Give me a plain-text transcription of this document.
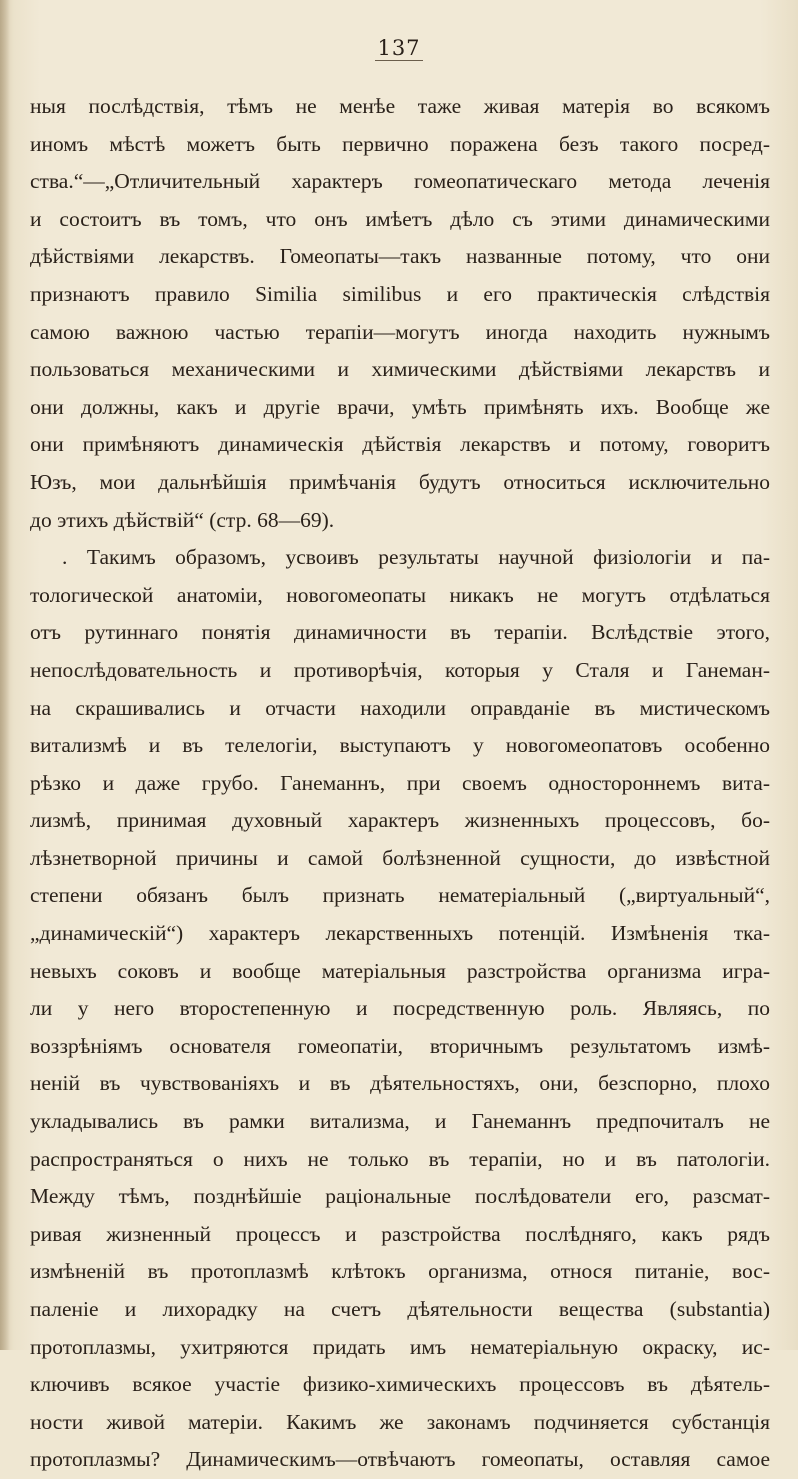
137
ныя послѣдствія, тѣмъ не менѣе таже живая матерія во всякомъ
иномъ мѣстѣ можетъ быть первично поражена безъ такого посред-
ства.“—„Отличительный характеръ гомеопатическаго метода леченія
и состоитъ въ томъ, что онъ имѣетъ дѣло съ этими динамическими
дѣйствіями лекарствъ. Гомеопаты—такъ названные потому, что они
признаютъ правило Similia similibus и его практическія слѣдствія
самою важною частью терапіи—могутъ иногда находить нужнымъ
пользоваться механическими и химическими дѣйствіями лекарствъ и
они должны, какъ и другіе врачи, умѣть примѣнять ихъ. Вообще же
они примѣняютъ динамическія дѣйствія лекарствъ и потому, говоритъ
Юзъ, мои дальнѣйшія примѣчанія будутъ относиться исключительно
до этихъ дѣйствій“ (стр. 68—69).
. Такимъ образомъ, усвоивъ результаты научной физіологіи и па-
тологической анатоміи, новогомеопаты никакъ не могутъ отдѣлаться
отъ рутиннаго понятія динамичности въ терапіи. Вслѣдствіе этого,
непослѣдовательность и противорѣчія, которыя у Сталя и Ганеман-
на скрашивались и отчасти находили оправданіе въ мистическомъ
витализмѣ и въ телелогіи, выступаютъ у новогомеопатовъ особенно
рѣзко и даже грубо. Ганеманнъ, при своемъ одностороннемъ вита-
лизмѣ, принимая духовный характеръ жизненныхъ процессовъ, бо-
лѣзнетворной причины и самой болѣзненной сущности, до извѣстной
степени обязанъ былъ признать нематеріальный („виртуальный“,
„динамическій“) характеръ лекарственныхъ потенцій. Измѣненія тка-
невыхъ соковъ и вообще матеріальныя разстройства организма игра-
ли у него второстепенную и посредственную роль. Являясь, по
воззрѣніямъ основателя гомеопатіи, вторичнымъ результатомъ измѣ-
неній въ чувствованіяхъ и въ дѣятельностяхъ, они, безспорно, плохо
укладывались въ рамки витализма, и Ганеманнъ предпочиталъ не
распространяться о нихъ не только въ терапіи, но и въ патологіи.
Между тѣмъ, позднѣйшіе раціональные послѣдователи его, разсмат-
ривая жизненный процессъ и разстройства послѣдняго, какъ рядъ
измѣненій въ протоплазмѣ клѣтокъ организма, относя питаніе, вос-
паленіе и лихорадку на счетъ дѣятельности вещества (substantia)
протоплазмы, ухитряются придать имъ нематеріальную окраску, ис-
ключивъ всякое участіе физико-химическихъ процессовъ въ дѣятель-
ности живой матеріи. Какимъ же законамъ подчиняется субстанція
протоплазмы? Динамическимъ—отвѣчаютъ гомеопаты, оставляя самое
